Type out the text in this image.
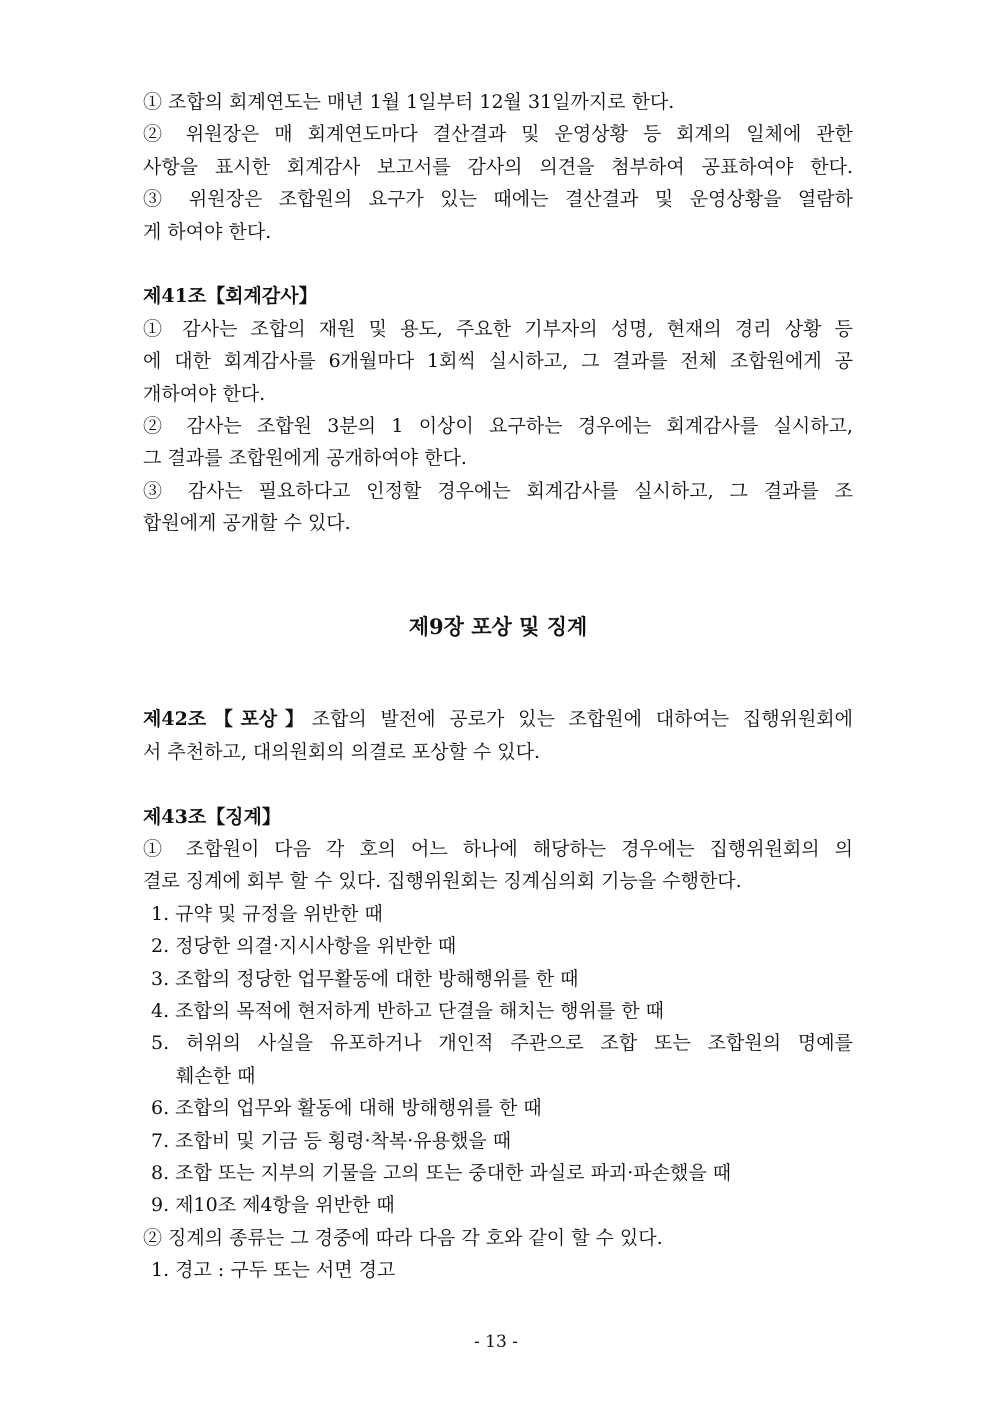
① 조합의 회계연도는 매년 1월 1일부터 12월 31일까지로 한다.
② 위원장은 매 회계연도마다 결산결과 및 운영상황 등 회계의 일체에 관한
사항을 표시한 회계감사 보고서를 감사의 의견을 첨부하여 공표하여야 한다.
③ 위원장은 조합원의 요구가 있는 때에는 결산결과 및 운영상황을 열람하
게 하여야 한다.
제41조【회계감사】
① 감사는 조합의 재원 및 용도, 주요한 기부자의 성명, 현재의 경리 상황 등
에 대한 회계감사를 6개월마다 1회씩 실시하고, 그 결과를 전체 조합원에게 공
개하여야 한다.
② 감사는 조합원 3분의 1 이상이 요구하는 경우에는 회계감사를 실시하고,
그 결과를 조합원에게 공개하여야 한다.
③ 감사는 필요하다고 인정할 경우에는 회계감사를 실시하고, 그 결과를 조
합원에게 공개할 수 있다.
제9장 포상 및 징계
제42조【포상】조합의 발전에 공로가 있는 조합원에 대하여는 집행위원회에
서 추천하고, 대의원회의 의결로 포상할 수 있다.
제43조【징계】
① 조합원이 다음 각 호의 어느 하나에 해당하는 경우에는 집행위원회의 의
결로 징계에 회부 할 수 있다. 집행위원회는 징계심의회 기능을 수행한다.
1. 규약 및 규정을 위반한 때
2. 정당한 의결·지시사항을 위반한 때
3. 조합의 정당한 업무활동에 대한 방해행위를 한 때
4. 조합의 목적에 현저하게 반하고 단결을 해치는 행위를 한 때
5. 허위의 사실을 유포하거나 개인적 주관으로 조합 또는 조합원의 명예를
훼손한 때
6. 조합의 업무와 활동에 대해 방해행위를 한 때
7. 조합비 및 기금 등 횡령·착복·유용했을 때
8. 조합 또는 지부의 기물을 고의 또는 중대한 과실로 파괴·파손했을 때
9. 제10조 제4항을 위반한 때
② 징계의 종류는 그 경중에 따라 다음 각 호와 같이 할 수 있다.
1. 경고 : 구두 또는 서면 경고
- 13 -
